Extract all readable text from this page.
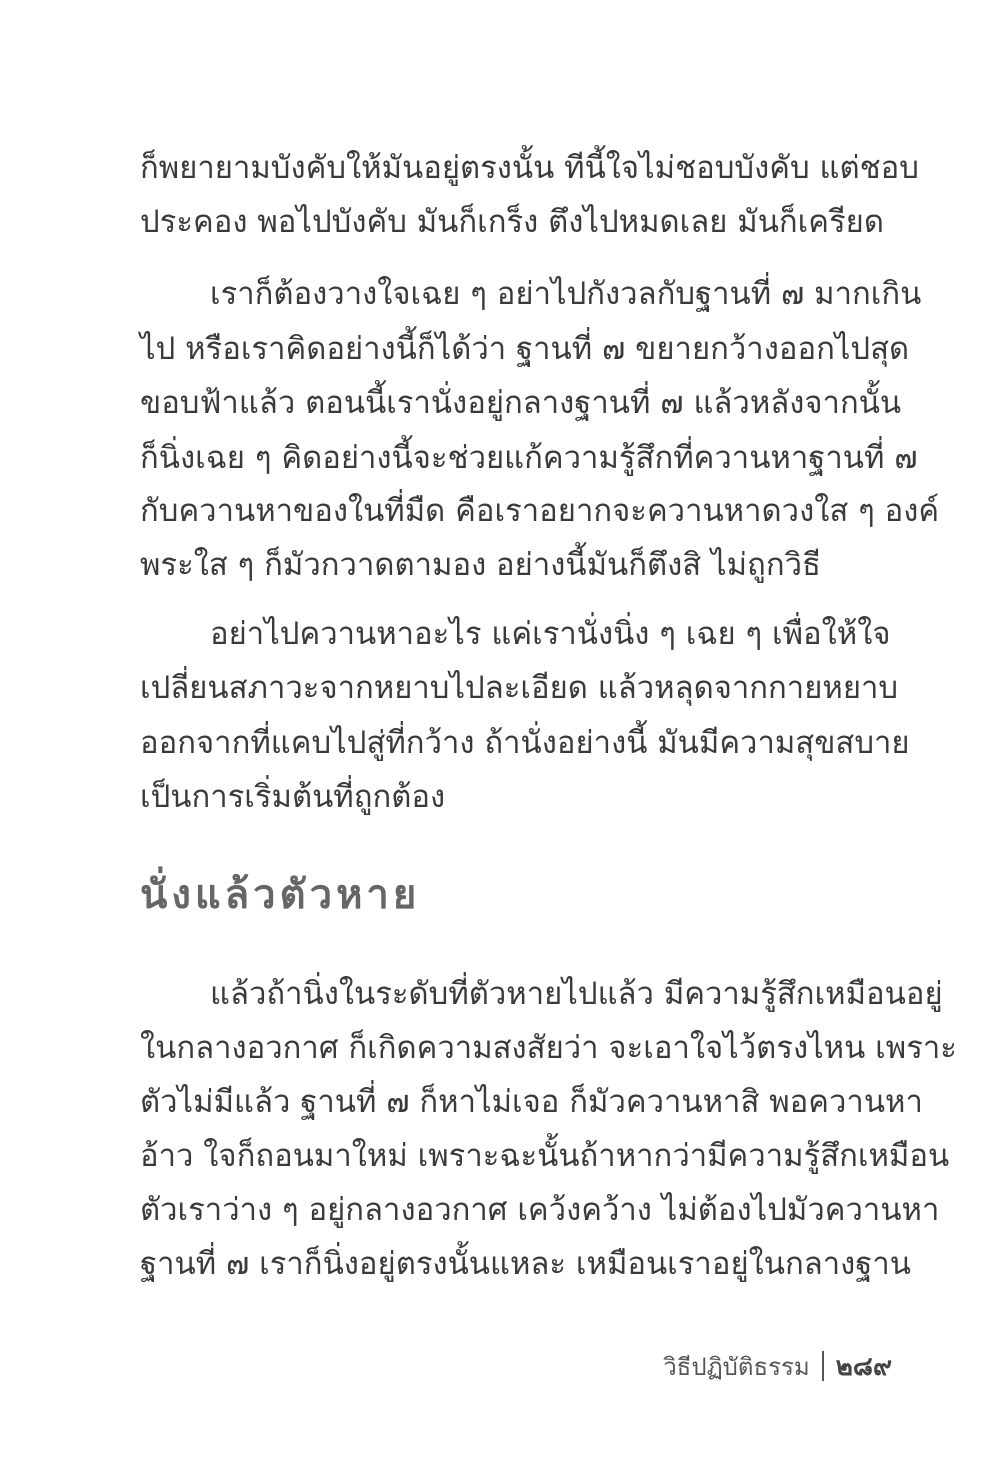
ก็พยายามบังคับให้มันอยู่ตรงนั้น ทีนี้ใจไม่ชอบบังคับ แต่ชอบ
ประคอง พอไปบังคับ มันก็เกร็ง ตึงไปหมดเลย มันก็เครียด
เราก็ต้องวางใจเฉย ๆ อย่าไปกังวลกับฐานที่ ๗ มากเกิน
ไป หรือเราคิดอย่างนี้ก็ได้ว่า ฐานที่ ๗ ขยายกว้างออกไปสุด
ขอบฟ้าแล้ว ตอนนี้เรานั่งอยู่กลางฐานที่ ๗ แล้วหลังจากนั้น
ก็นิ่งเฉย ๆ คิดอย่างนี้จะช่วยแก้ความรู้สึกที่ควานหาฐานที่ ๗
กับควานหาของในที่มืด คือเราอยากจะควานหาดวงใส ๆ องค์
พระใส ๆ ก็มัวกวาดตามอง อย่างนี้มันก็ตึงสิ ไม่ถูกวิธี
อย่าไปควานหาอะไร แค่เรานั่งนิ่ง ๆ เฉย ๆ เพื่อให้ใจ
เปลี่ยนสภาวะจากหยาบไปละเอียด แล้วหลุดจากกายหยาบ
ออกจากที่แคบไปสู่ที่กว้าง ถ้านั่งอย่างนี้ มันมีความสุขสบาย
เป็นการเริ่มต้นที่ถูกต้อง
นั่งแล้วตัวหาย
แล้วถ้านิ่งในระดับที่ตัวหายไปแล้ว มีความรู้สึกเหมือนอยู่
ในกลางอวกาศ ก็เกิดความสงสัยว่า จะเอาใจไว้ตรงไหน เพราะ
ตัวไม่มีแล้ว ฐานที่ ๗ ก็หาไม่เจอ ก็มัวควานหาสิ พอควานหา
อ้าว ใจก็ถอนมาใหม่ เพราะฉะนั้นถ้าหากว่ามีความรู้สึกเหมือน
ตัวเราว่าง ๆ อยู่กลางอวกาศ เคว้งคว้าง ไม่ต้องไปมัวควานหา
ฐานที่ ๗ เราก็นิ่งอยู่ตรงนั้นแหละ เหมือนเราอยู่ในกลางฐาน
วิธีปฏิบัติธรรม ๒๘๙
